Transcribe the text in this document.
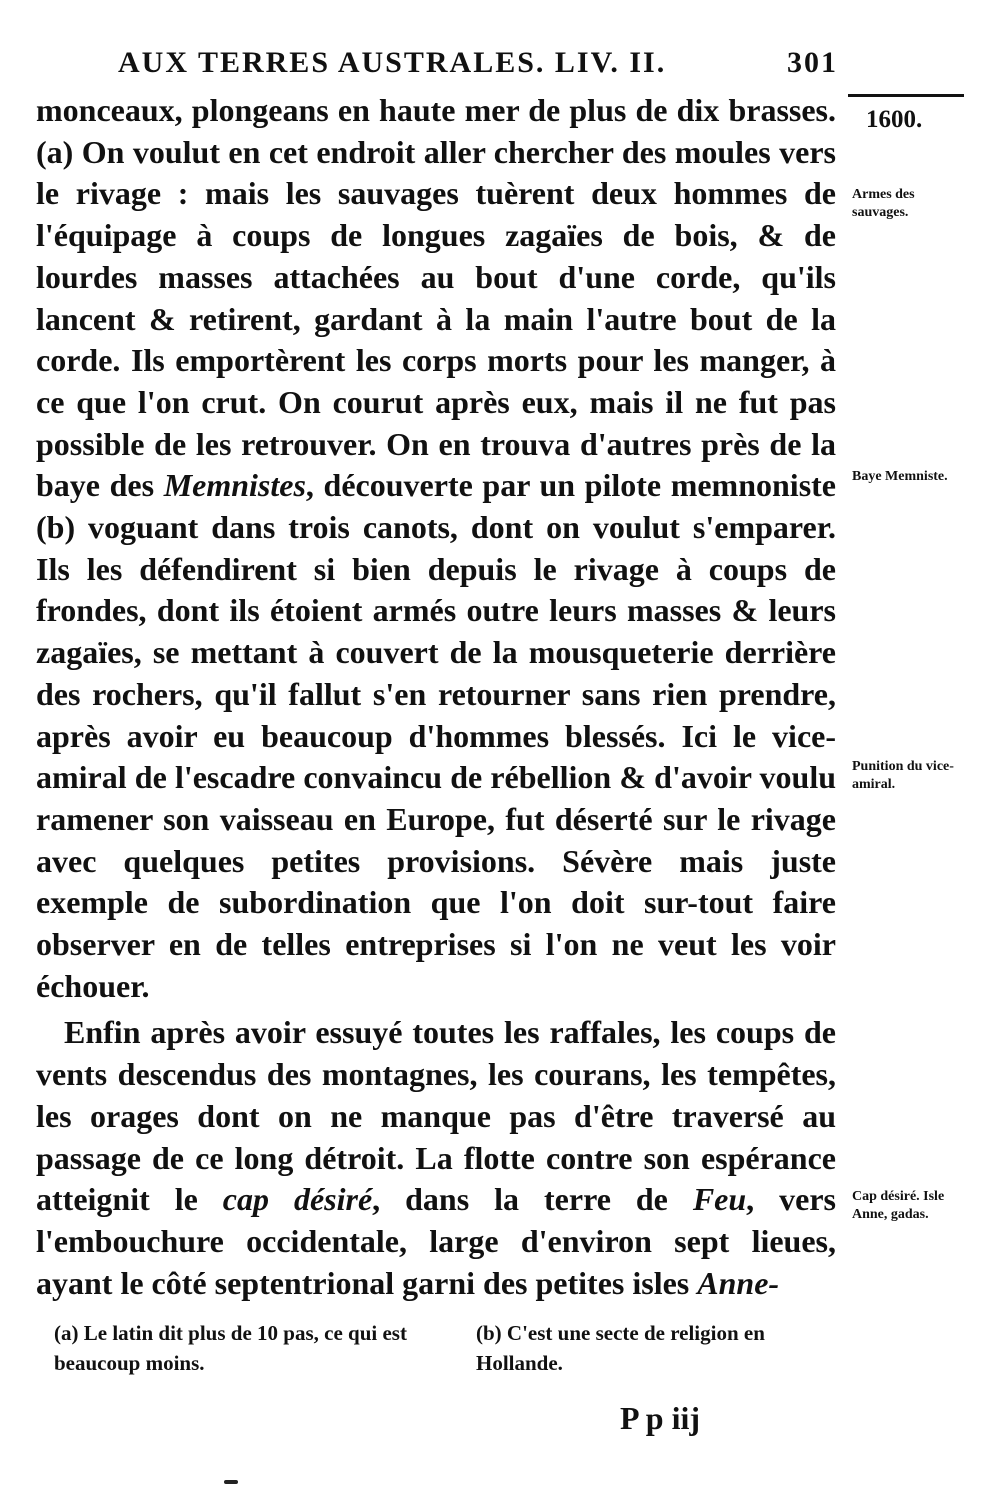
AUX TERRES AUSTRALES. LIV. II.	301
1600.

monceaux, plongeans en haute mer de plus de dix brasses. (a) On voulut en cet endroit aller chercher des moules vers le rivage : mais les sauvages tuèrent deux hommes de l'équipage à coups de longues zagaïes de bois, & de lourdes masses attachées au bout d'une corde, qu'ils lancent & retirent, gardant à la main l'autre bout de la corde. Ils emportèrent les corps morts pour les manger, à ce que l'on crut. On courut après eux, mais il ne fut pas possible de les retrouver. On en trouva d'autres près de la baye des Memnistes, découverte par un pilote memnoniste (b) voguant dans trois canots, dont on voulut s'emparer. Ils les défendirent si bien depuis le rivage à coups de frondes, dont ils étoient armés outre leurs masses & leurs zagaïes, se mettant à couvert de la mousqueterie derrière des rochers, qu'il fallut s'en retourner sans rien prendre, après avoir eu beaucoup d'hommes blessés. Ici le vice-amiral de l'escadre convaincu de rébellion & d'avoir voulu ramener son vaisseau en Europe, fut déserté sur le rivage avec quelques petites provisions. Sévère mais juste exemple de subordination que l'on doit sur-tout faire observer en de telles entreprises si l'on ne veut les voir échouer.

Enfin après avoir essuyé toutes les raffales, les coups de vents descendus des montagnes, les courans, les tempêtes, les orages dont on ne manque pas d'être traversé au passage de ce long détroit. La flotte contre son espérance atteignit le cap désiré, dans la terre de Feu, vers l'embouchure occidentale, large d'environ sept lieues, ayant le côté septentrional garni des petites isles Anne-

Armes des sauvages.
Baye Memniste.
Punition du vice-amiral.
Cap désiré. Isle Anne, gadas.
(a) Le latin dit plus de 10 pas, ce qui est beaucoup moins.
(b) C'est une secte de religion en Hollande.
P p iij
